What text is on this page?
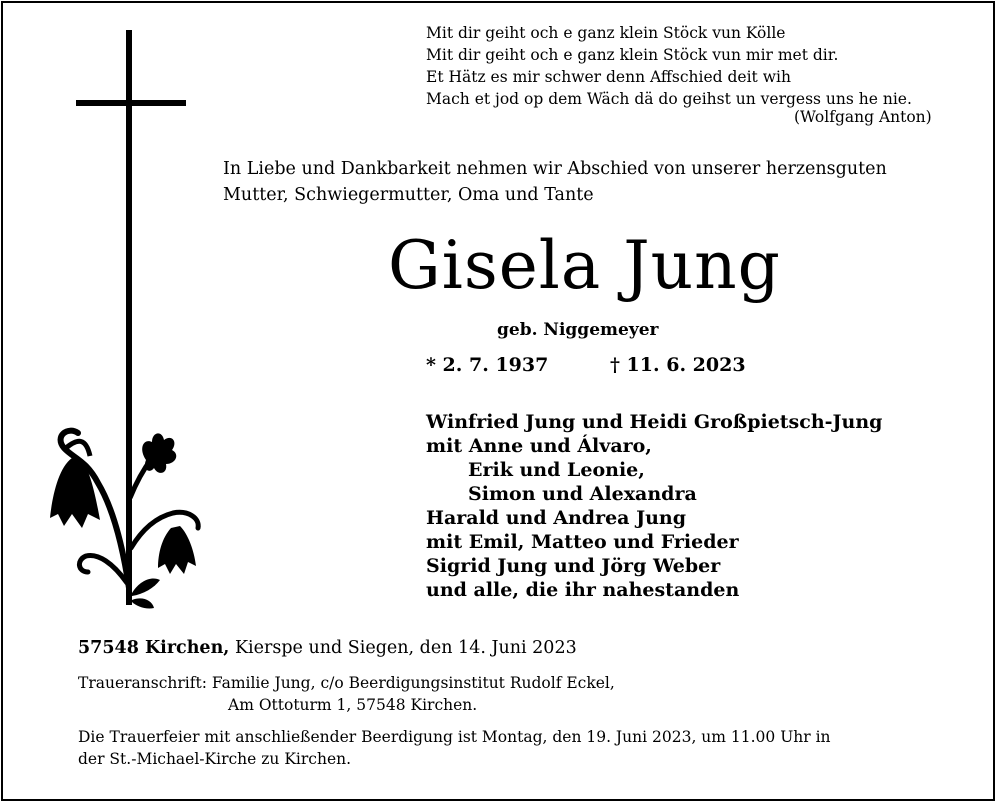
Mit dir geiht och e ganz klein Stöck vun Kölle
Mit dir geiht och e ganz klein Stöck vun mir met dir.
Et Hätz es mir schwer denn Affschied deit wih
Mach et jod op dem Wäch dä do geihst un vergess uns he nie.
(Wolfgang Anton)
In Liebe und Dankbarkeit nehmen wir Abschied von unserer herzensguten
Mutter, Schwiegermutter, Oma und Tante
Gisela Jung
geb. Niggemeyer
* 2. 7. 1937	† 11. 6. 2023
Winfried Jung und Heidi Großpietsch-Jung
mit Anne und Álvaro,
Erik und Leonie,
Simon und Alexandra
Harald und Andrea Jung
mit Emil, Matteo und Frieder
Sigrid Jung und Jörg Weber
und alle, die ihr nahestanden
57548 Kirchen, Kierspe und Siegen, den 14. Juni 2023
Traueranschrift: Familie Jung, c/o Beerdigungsinstitut Rudolf Eckel,
Am Ottoturm 1, 57548 Kirchen.
Die Trauerfeier mit anschließender Beerdigung ist Montag, den 19. Juni 2023, um 11.00 Uhr in
der St.-Michael-Kirche zu Kirchen.
